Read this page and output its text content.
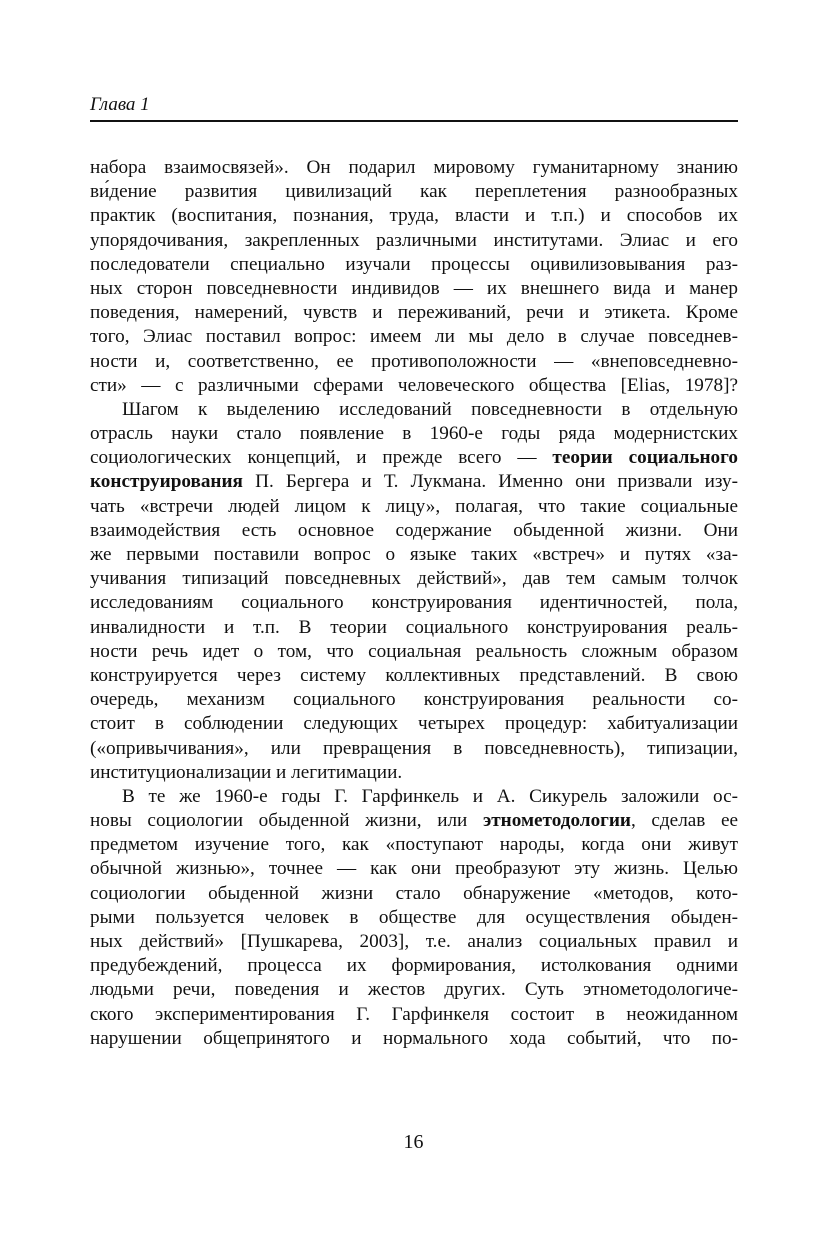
Глава 1
набора взаимосвязей». Он подарил мировому гуманитарному знанию
ви́дение развития цивилизаций как переплетения разнообразных
практик (воспитания, познания, труда, власти и т.п.) и способов их
упорядочивания, закрепленных различными институтами. Элиас и его
последователи специально изучали процессы оцивилизовывания раз-
ных сторон повседневности индивидов — их внешнего вида и манер
поведения, намерений, чувств и переживаний, речи и этикета. Кроме
того, Элиас поставил вопрос: имеем ли мы дело в случае повседнев-
ности и, соответственно, ее противоположности — «внеповседневно-
сти» — с различными сферами человеческого общества [Elias, 1978]?
Шагом к выделению исследований повседневности в отдельную
отрасль науки стало появление в 1960-е годы ряда модернистских
социологических концепций, и прежде всего — теории социального
конструирования П. Бергера и Т. Лукмана. Именно они призвали изу-
чать «встречи людей лицом к лицу», полагая, что такие социальные
взаимодействия есть основное содержание обыденной жизни. Они
же первыми поставили вопрос о языке таких «встреч» и путях «за-
учивания типизаций повседневных действий», дав тем самым толчок
исследованиям социального конструирования идентичностей, пола,
инвалидности и т.п. В теории социального конструирования реаль-
ности речь идет о том, что социальная реальность сложным образом
конструируется через систему коллективных представлений. В свою
очередь, механизм социального конструирования реальности со-
стоит в соблюдении следующих четырех процедур: хабитуализации
(«опривычивания», или превращения в повседневность), типизации,
институционализации и легитимации.
В те же 1960-е годы Г. Гарфинкель и А. Сикурель заложили ос-
новы социологии обыденной жизни, или этнометодологии, сделав ее
предметом изучение того, как «поступают народы, когда они живут
обычной жизнью», точнее — как они преобразуют эту жизнь. Целью
социологии обыденной жизни стало обнаружение «методов, кото-
рыми пользуется человек в обществе для осуществления обыден-
ных действий» [Пушкарева, 2003], т.е. анализ социальных правил и
предубеждений, процесса их формирования, истолкования одними
людьми речи, поведения и жестов других. Суть этнометодологиче-
ского экспериментирования Г. Гарфинкеля состоит в неожиданном
нарушении общепринятого и нормального хода событий, что по-
16
